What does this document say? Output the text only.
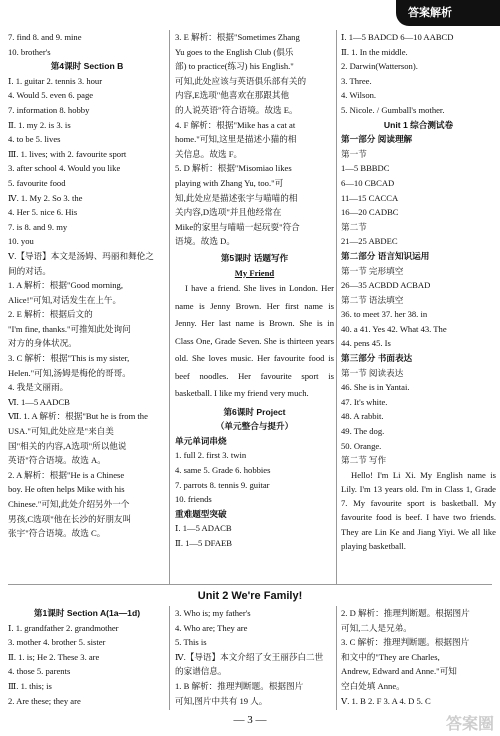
答案解析
7. find 8. and 9. mine
10. brother's
第4课时 Section B
Ⅰ. 1. guitar 2. tennis 3. hour
4. Would 5. even 6. page
7. information 8. hobby
Ⅱ. 1. my 2. is 3. is
4. to be 5. lives
Ⅲ. 1. lives; with 2. favourite sport
3. after school 4. Would you like
5. favourite food
Ⅳ. 1. My 2. So 3. the
4. Her 5. nice 6. His
7. is 8. and 9. my
10. you
Ⅴ.【导语】本文是汤姆、玛丽和舞伦之
间的对话。
1. A 解析：根据"Good morning,
Alice!"可知,对话发生在上午。
2. E 解析：根据后文的
"I'm fine, thanks."可推知此处询问
对方的身体状况。
3. C 解析：根据"This is my sister,
Helen."可知,汤姆是梅伦的哥哥。
4. 我是文丽雨。
Ⅵ. 1—5 AADCB
Ⅶ. 1. A 解析：根据"But he is from the
USA."可知,此处应是"来自美
国"相关的内容,A选项"所以他说
英语"符合语境。故选 A。
2. A 解析：根据"He is a Chinese
boy. He often helps Mike with his
Chinese."可知,此处介绍另外一个
男孩,C选项"他在长沙的好朋友叫
张宇"符合语境。故选 C。
3. E 解析：根据"Sometimes Zhang
Yu goes to the English Club (俱乐
部) to practice(练习) his English."
可知,此处应该与英语俱乐部有关的
内容,E选项"他喜欢在那跟其他
的人说英语"符合语境。故选 E。
4. F 解析：根据"Mike has a cat at
home."可知,这里是描述小猫的相
关信息。故选 F。
5. D 解析：根据"Misomiao likes
playing with Zhang Yu, too."可
知,此处应是描述张宇与喵喵的相
关内容,D选项"并且他经常在
Mike的家里与喵喵一起玩耍"符合
语境。故选 D。
第5课时 话题写作
My Friend
I have a friend. She lives in London. Her name is Jenny Brown. Her first name is Jenny. Her last name is Brown. She is in Class One, Grade Seven. She is thirteen years old. She loves music. Her favourite food is beef noodles. Her favourite sport is basketball. I like my friend very much.
第6课时 Project
（单元整合与提升）
单元单词串烧
1. full 2. first 3. twin
4. same 5. Grade 6. hobbies
7. parrots 8. tennis 9. guitar
10. friends
重难题型突破
Ⅰ. 1—5 ADACB
Ⅱ. 1—5 DFAEB
Ⅰ. 1—5 BADCD 6—10 AABCD
Ⅱ. 1. In the middle.
2. Darwin(Watterson).
3. Three.
4. Wilson.
5. Nicole. / Gumball's mother.
Unit 1 综合测试卷
第一部分 阅读理解
第一节
1—5 BBBDC
6—10 CBCAD
11—15 CACCA
16—20 CADBC
第二节
21—25 ABDEC
第二部分 语言知识运用
第一节 完形填空
26—35 ACBDD ACBAD
第二节 语法填空
36. to meet 37. her 38. in
40. a 41. Yes 42. What 43. The
44. pens 45. Is
第三部分 书面表达
第一节 阅读表达
46. She is in Yantai.
47. It's white.
48. A rabbit.
49. The dog.
50. Orange.
第二节 写作
Hello! I'm Li Xi. My English name is Lily. I'm 13 years old. I'm in Class 1, Grade 7. My favourite sport is basketball. My favourite food is beef. I have two friends. They are Lin Ke and Jiang Yiyi. We all like playing basketball.
Unit 2 We're Family!
第1课时 Section A(1a—1d)
Ⅰ. 1. grandfather 2. grandmother
3. mother 4. brother 5. sister
Ⅱ. 1. is; He 2. These 3. are
4. those 5. parents
Ⅲ. 1. this; is
2. Are these; they are
3. Who is; my father's
4. Who are; They are
5. This is
Ⅳ.【导语】本文介绍了女王丽莎白二世
的家谱信息。
1. B 解析：推理判断题。根据图片
可知,图片中共有 19 人。
2. D 解析：推理判断题。根据图片
可知,二人是兄弟。
3. C 解析：推理判断题。根据图片
和文中的"They are Charles,
Andrew, Edward and Anne."可知
空白处填 Anne。
Ⅴ. 1. B 2. F 3. A 4. D 5. C
— 3 —	答案圈
